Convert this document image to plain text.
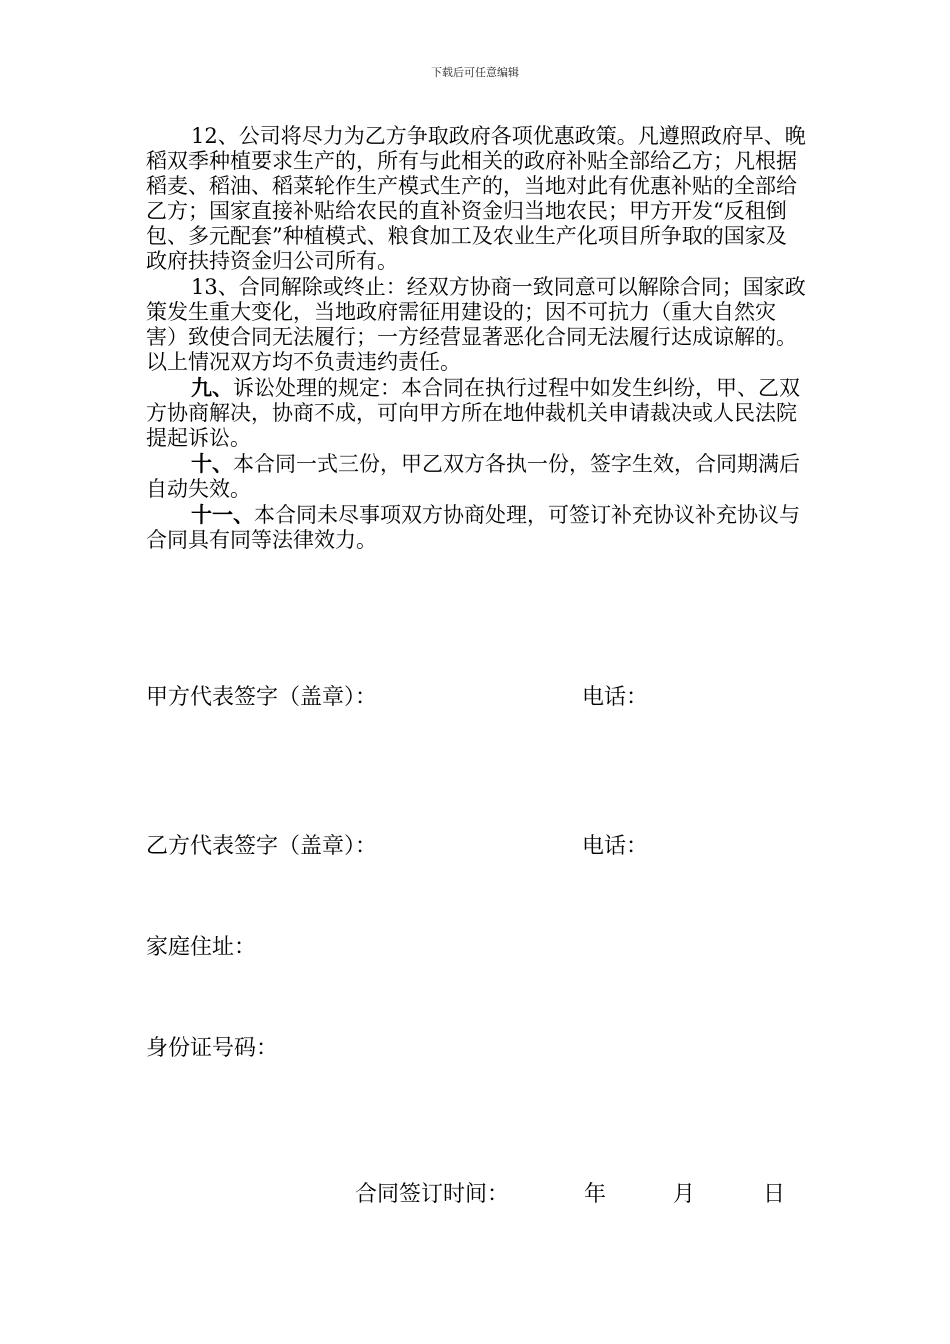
下载后可任意编辑

12、公司将尽力为乙方争取政府各项优惠政策。凡遵照政府早、晚稻双季种植要求生产的，所有与此相关的政府补贴全部给乙方；凡根据稻麦、稻油、稻菜轮作生产模式生产的，当地对此有优惠补贴的全部给乙方；国家直接补贴给农民的直补资金归当地农民；甲方开发“反租倒包、多元配套”种植模式、粮食加工及农业生产化项目所争取的国家及政府扶持资金归公司所有。

13、合同解除或终止：经双方协商一致同意可以解除合同；国家政策发生重大变化，当地政府需征用建设的；因不可抗力（重大自然灾害）致使合同无法履行；一方经营显著恶化合同无法履行达成谅解的。以上情况双方均不负责违约责任。

九、诉讼处理的规定：本合同在执行过程中如发生纠纷，甲、乙双方协商解决，协商不成，可向甲方所在地仲裁机关申请裁决或人民法院提起诉讼。

十、本合同一式三份，甲乙双方各执一份，签字生效，合同期满后自动失效。

十一、本合同未尽事项双方协商处理，可签订补充协议补充协议与合同具有同等法律效力。

甲方代表签字（盖章）：	电话：
乙方代表签字（盖章）：	电话：
家庭住址：
身份证号码：
合同签订时间：	年	月	日
